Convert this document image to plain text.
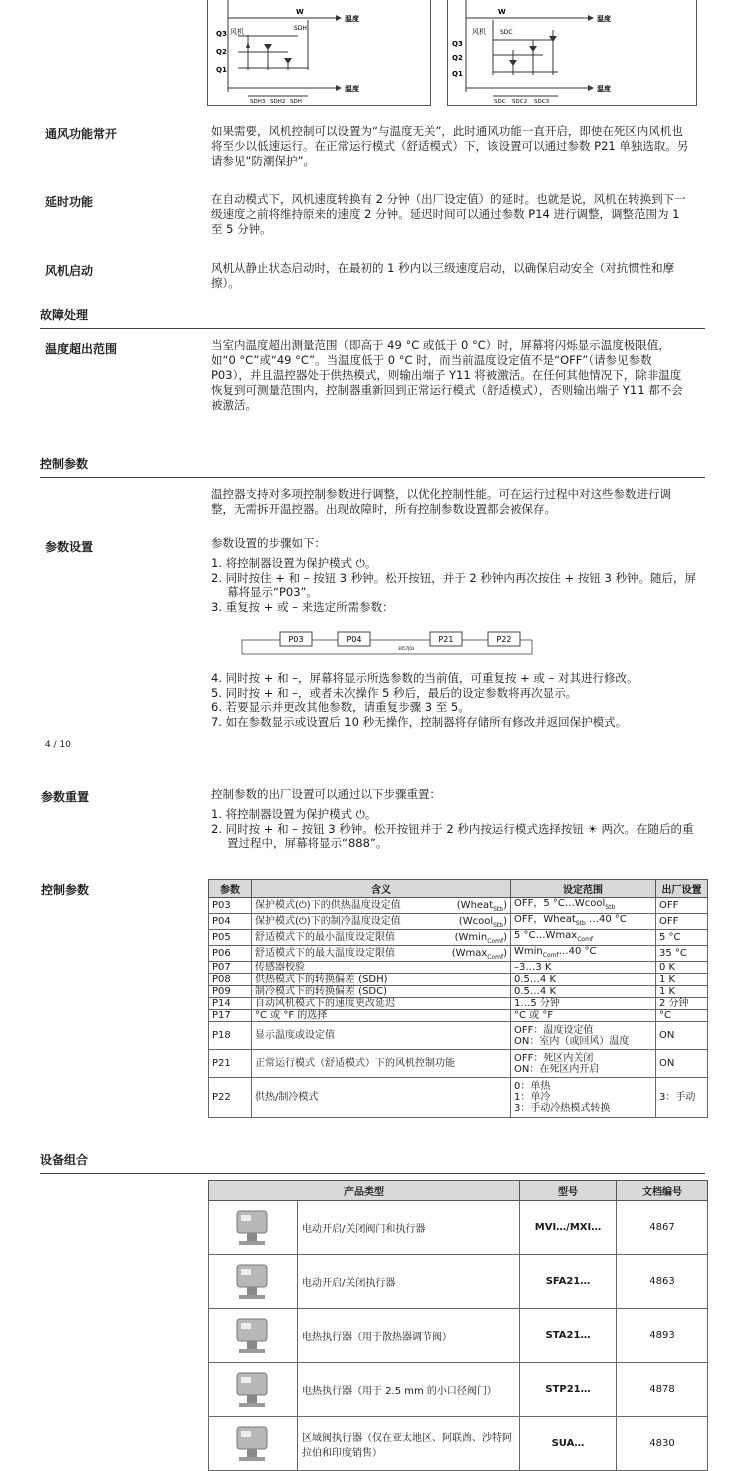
温度
温度
Q3
Q2
Q1
风机
W
SDH
SDH3 SDH2 SDH
温度
温度
Q3
Q2
Q1
风机
W
SDC
SDC SDC2 SDC3
通风功能常开	如果需要，风机控制可以设置为“与温度无关”，此时通风功能一直开启，即使在死区内风机也将至少以低速运行。在正常运行模式（舒适模式）下，该设置可以通过参数 P21 单独选取。另请参见“防潮保护”。
延时功能	在自动模式下，风机速度转换有 2 分钟（出厂设定值）的延时。也就是说，风机在转换到下一级速度之前将维持原来的速度 2 分钟。延迟时间可以通过参数 P14 进行调整，调整范围为 1 至 5 分钟。
风机启动	风机从静止状态启动时，在最初的 1 秒内以三级速度启动，以确保启动安全（对抗惯性和摩擦）。
故障处理
温度超出范围	当室内温度超出测量范围（即高于 49 °C 或低于 0 °C）时，屏幕将闪烁显示温度极限值，如“0 °C”或“49 °C”。当温度低于 0 °C 时，而当前温度设定值不是“OFF”（请参见参数 P03），并且温控器处于供热模式，则输出端子 Y11 将被激活。在任何其他情况下，除非温度恢复到可测量范围内，控制器重新回到正常运行模式（舒适模式），否则输出端子 Y11 都不会被激活。
控制参数
温控器支持对多项控制参数进行调整，以优化控制性能。可在运行过程中对这些参数进行调整，无需拆开温控器。出现故障时，所有控制参数设置都会被保存。
参数设置	参数设置的步骤如下：
1. 将控制器设置为保护模式 ⏻。
2. 同时按住 + 和 – 按钮 3 秒钟。松开按钮，并于 2 秒钟内再次按住 + 按钮 3 秒钟。随后，屏幕将显示“P03”。
3. 重复按 + 或 – 来选定所需参数：
P03	P04
3057J03
P21	P22
4. 同时按 + 和 –，屏幕将显示所选参数的当前值，可重复按 + 或 – 对其进行修改。
5. 同时按 + 和 –，或者未次操作 5 秒后，最后的设定参数将再次显示。
6. 若要显示并更改其他参数，请重复步骤 3 至 5。
7. 如在参数显示或设置后 10 秒无操作，控制器将存储所有修改并返回保护模式。
4 / 10
参数重置	控制参数的出厂设置可以通过以下步骤重置：
1. 将控制器设置为保护模式 ⏻。
2. 同时按 + 和 – 按钮 3 秒钟。松开按钮并于 2 秒内按运行模式选择按钮 ☀ 两次。在随后的重置过程中，屏幕将显示“888”。
控制参数	参数	含义	设定范围	出厂设置
P03	保护模式(⏻)下的供热温度设定值 (Wheat$_{Stb}$)	OFF，5 °C…Wcool$_{Stb}$	OFF
P04	保护模式(⏻)下的制冷温度设定值 (Wcool$_{Stb}$)	OFF，Wheat$_{Stb}$ …40 °C	OFF
P05	舒适模式下的最小温度设定限值 (Wmin$_{Comf}$)	5 °C…Wmax$_{Comf}$	5 °C
P06	舒适模式下的最大温度设定限值 (Wmax$_{Comf}$)	Wmin$_{Comf}$…40 °C	35 °C
P07	传感器校验	–3…3 K	0 K
P08	供热模式下的转换偏差 (SDH)	0.5…4 K	1 K
P09	制冷模式下的转换偏差 (SDC)	0.5…4 K	1 K
P14	自动风机模式下的速度更改延迟	1…5 分钟	2 分钟
P17	°C 或 °F 的选择	°C 或 °F	°C
P18	显示温度或设定值	OFF：温度设定值
ON：室内（或回风）温度	ON
P21	正常运行模式（舒适模式）下的风机控制功能	OFF：死区内关闭
ON：在死区内开启	ON
P22	供热/制冷模式	0：单热
1：单冷
3：手动冷热模式转换	3：手动
设备组合
产品类型		型号	文档编号
	电动开启/关闭阀门和执行器	MVI…/MXI…	4867
	电动开启/关闭执行器	SFA21…	4863
	电热执行器（用于散热器调节阀）	STA21…	4893
	电热执行器（用于 2.5 mm 的小口径阀门）	STP21…	4878
	区域阀执行器（仅在亚太地区、阿联酋、沙特阿拉伯和印度销售）	SUA…	4830
